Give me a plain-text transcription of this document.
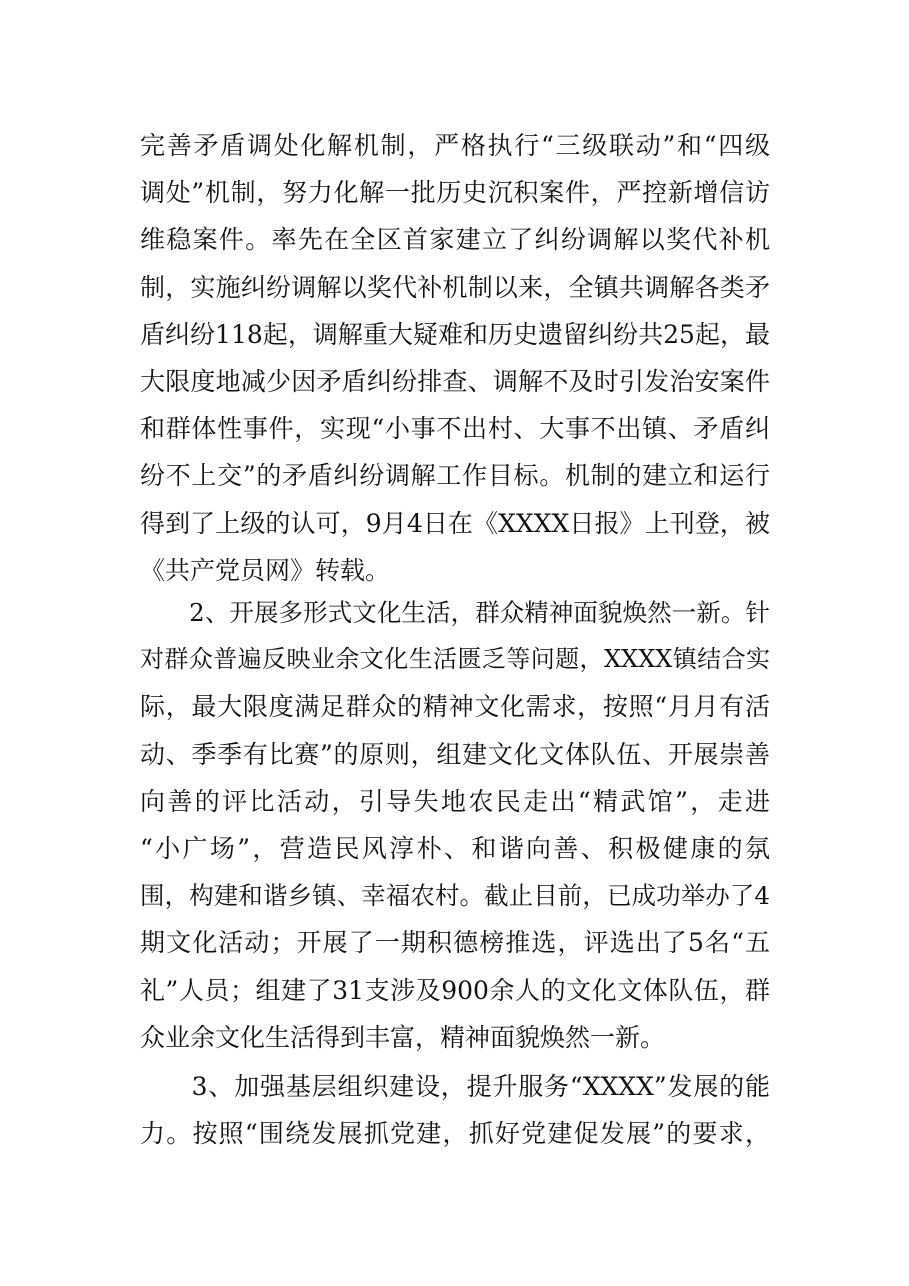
完善矛盾调处化解机制，严格执行“三级联动”和“四级
调处”机制，努力化解一批历史沉积案件，严控新增信访
维稳案件。率先在全区首家建立了纠纷调解以奖代补机
制，实施纠纷调解以奖代补机制以来，全镇共调解各类矛
盾纠纷118起，调解重大疑难和历史遗留纠纷共25起，最
大限度地减少因矛盾纠纷排查、调解不及时引发治安案件
和群体性事件，实现“小事不出村、大事不出镇、矛盾纠
纷不上交”的矛盾纠纷调解工作目标。机制的建立和运行
得到了上级的认可，9月4日在《XXXX日报》上刊登，被
《共产党员网》转载。
　　2、开展多形式文化生活，群众精神面貌焕然一新。针
对群众普遍反映业余文化生活匮乏等问题，XXXX镇结合实
际，最大限度满足群众的精神文化需求，按照“月月有活
动、季季有比赛”的原则，组建文化文体队伍、开展崇善
向善的评比活动，引导失地农民走出“精武馆”，走进
“小广场”，营造民风淳朴、和谐向善、积极健康的氛
围，构建和谐乡镇、幸福农村。截止目前，已成功举办了4
期文化活动；开展了一期积德榜推选，评选出了5名“五
礼”人员；组建了31支涉及900余人的文化文体队伍，群
众业余文化生活得到丰富，精神面貌焕然一新。
　　3、加强基层组织建设，提升服务“XXXX”发展的能
力。按照“围绕发展抓党建，抓好党建促发展”的要求，
